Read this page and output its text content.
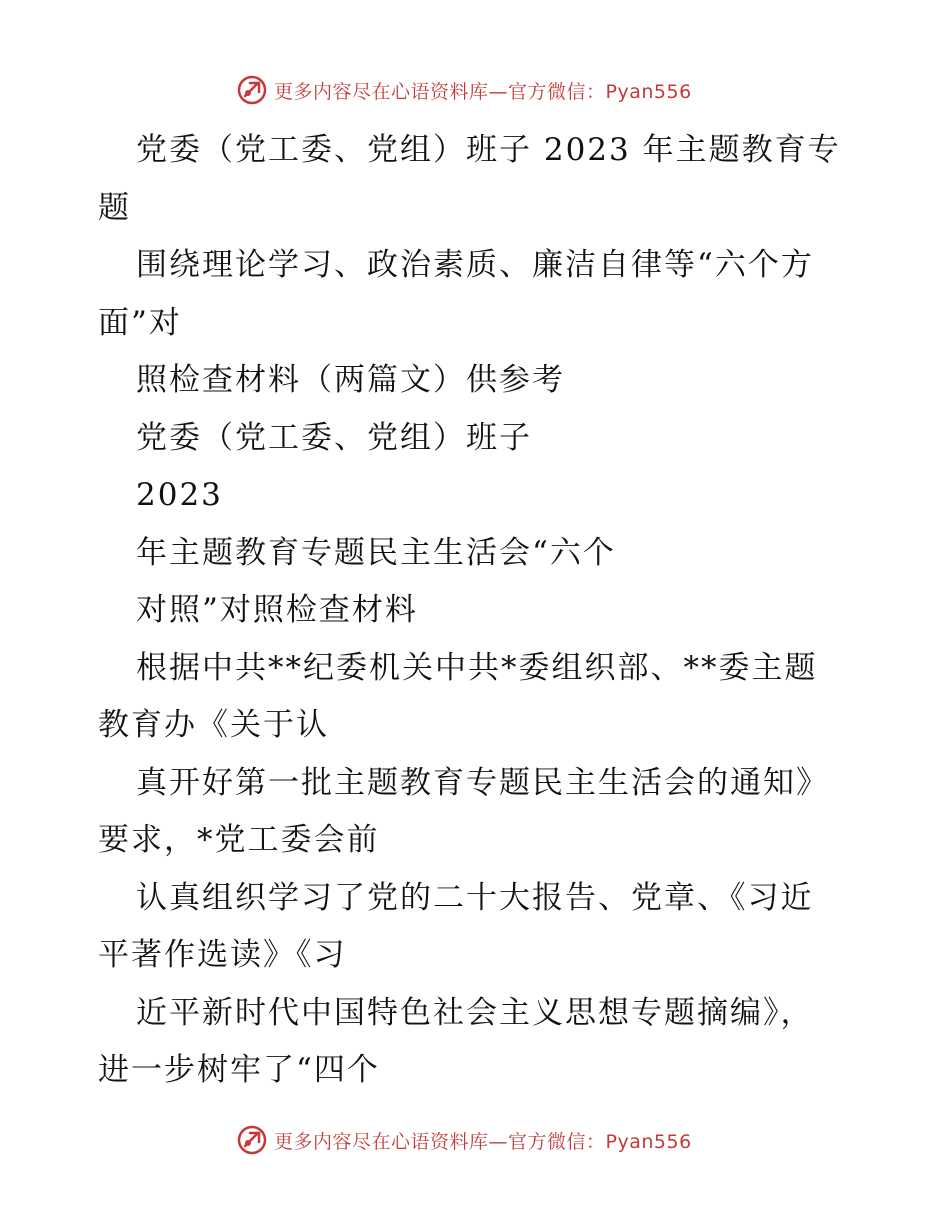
更多内容尽在心语资料库—官方微信：Pyan556
党委（党工委、党组）班子 2023 年主题教育专
题
围绕理论学习、政治素质、廉洁自律等“六个方
面”对
照检查材料（两篇文）供参考
党委（党工委、党组）班子
2023
年主题教育专题民主生活会“六个
对照”对照检查材料
根据中共**纪委机关中共*委组织部、**委主题
教育办《关于认
真开好第一批主题教育专题民主生活会的通知》
要求，*党工委会前
认真组织学习了党的二十大报告、党章、《习近
平著作选读》《习
近平新时代中国特色社会主义思想专题摘编》，
进一步树牢了“四个
更多内容尽在心语资料库—官方微信：Pyan556
